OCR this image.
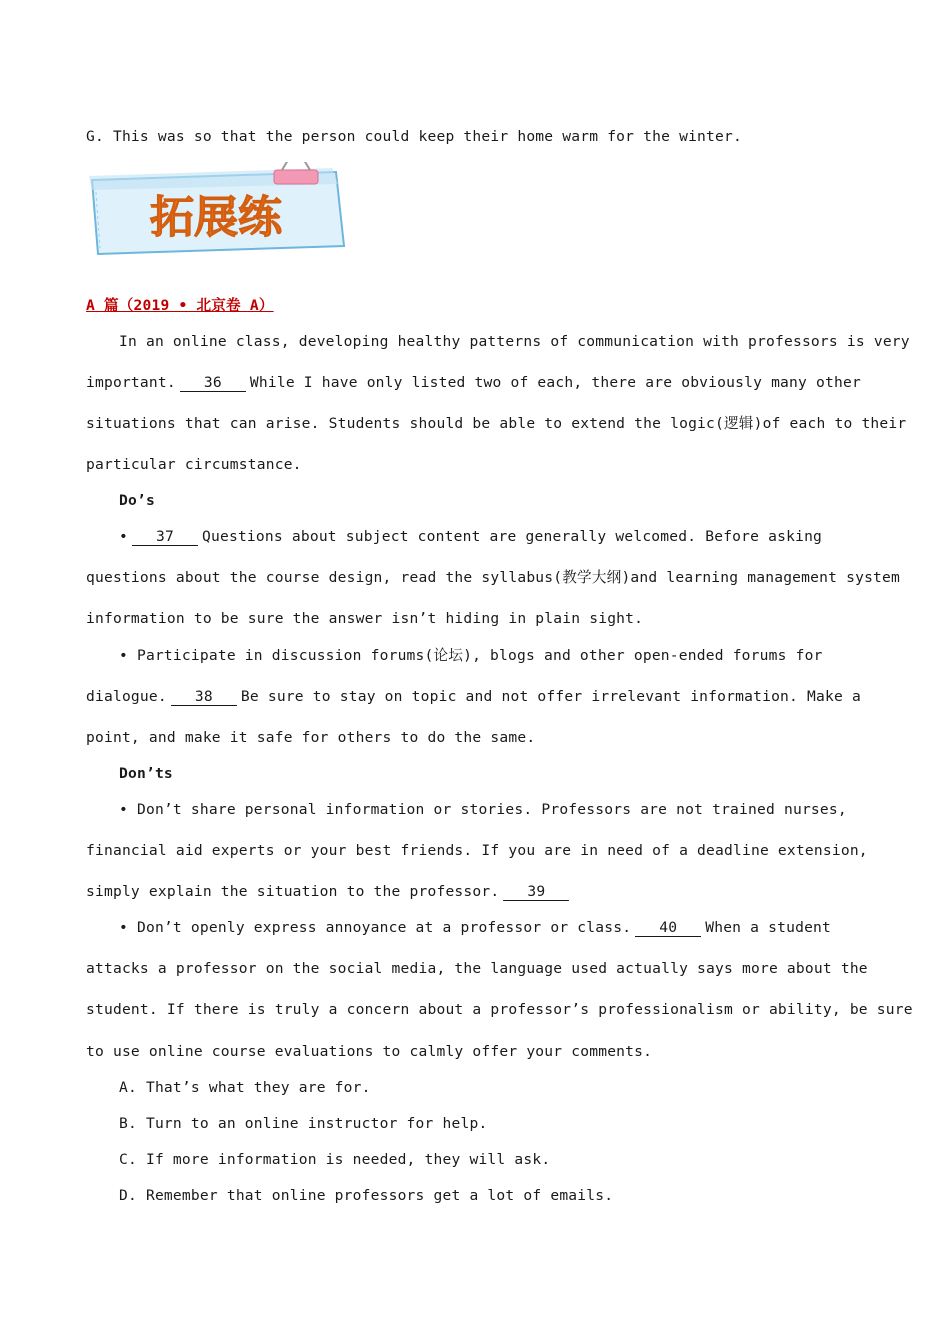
G. This was so that the person could keep their home warm for the winter.
拓展练
A 篇（2019 • 北京卷 A）
In an online class, developing healthy patterns of communication with professors is very
important. 36 While I have only listed two of each, there are obviously many other
situations that can arise. Students should be able to extend the logic(逻辑)of each to their
particular circumstance.
Do’s
• 37 Questions about subject content are generally welcomed. Before asking
questions about the course design, read the syllabus(教学大纲)and learning management system
information to be sure the answer isn’t hiding in plain sight.
• Participate in discussion forums(论坛), blogs and other open-ended forums for
dialogue. 38 Be sure to stay on topic and not offer irrelevant information. Make a
point, and make it safe for others to do the same.
Don’ts
• Don’t share personal information or stories. Professors are not trained nurses,
financial aid experts or your best friends. If you are in need of a deadline extension,
simply explain the situation to the professor. 39
• Don’t openly express annoyance at a professor or class. 40 When a student
attacks a professor on the social media, the language used actually says more about the
student. If there is truly a concern about a professor’s professionalism or ability, be sure
to use online course evaluations to calmly offer your comments.
A. That’s what they are for.
B. Turn to an online instructor for help.
C. If more information is needed, they will ask.
D. Remember that online professors get a lot of emails.
